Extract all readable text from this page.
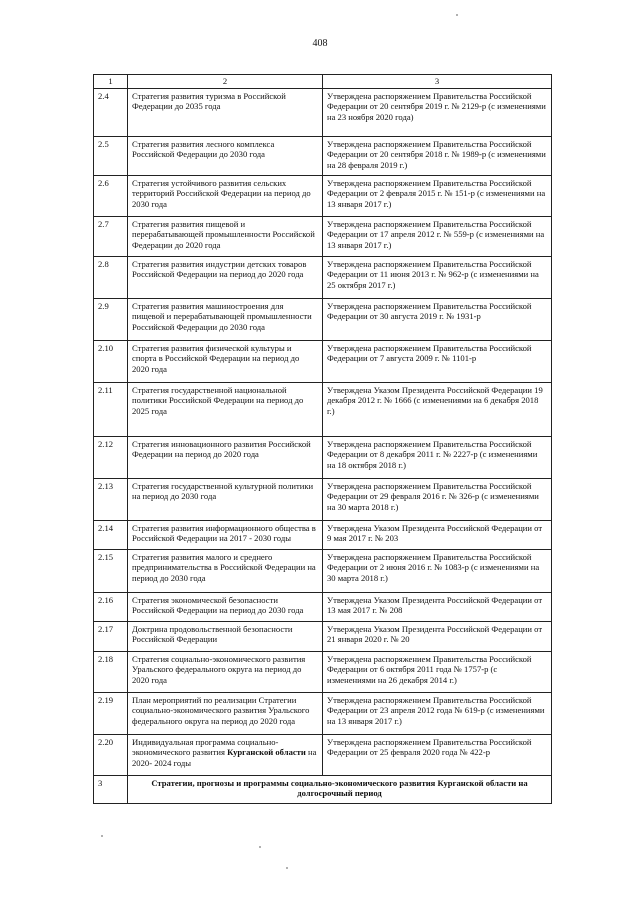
408
1	2	3
2.4	Стратегия развития туризма в Российской Федерации до 2035 года	Утверждена распоряжением Правительства Российской Федерации от 20 сентября 2019 г. № 2129-р (с изменениями на 23 ноября 2020 года)
2.5	Стратегия развития лесного комплекса Российской Федерации до 2030 года	Утверждена распоряжением Правительства Российской Федерации от 20 сентября 2018 г. № 1989-р (с изменениями на 28 февраля 2019 г.)
2.6	Стратегия устойчивого развития сельских территорий Российской Федерации на период до 2030 года	Утверждена распоряжением Правительства Российской Федерации от 2 февраля 2015 г. № 151-р (с изменениями на 13 января 2017 г.)
2.7	Стратегия развития пищевой и перерабатывающей промышленности Российской Федерации до 2020 года	Утверждена распоряжением Правительства Российской Федерации от 17 апреля 2012 г. № 559-р (с изменениями на 13 января 2017 г.)
2.8	Стратегия развития индустрии детских товаров Российской Федерации на период до 2020 года	Утверждена распоряжением Правительства Российской Федерации от 11 июня 2013 г. № 962-р (с изменениями на 25 октября 2017 г.)
2.9	Стратегия развития машиностроения для пищевой и перерабатывающей промышленности Российской Федерации до 2030 года	Утверждена распоряжением Правительства Российской Федерации от 30 августа 2019 г. № 1931-р
2.10	Стратегия развития физической культуры и спорта в Российской Федерации на период до 2020 года	Утверждена распоряжением Правительства Российской Федерации от 7 августа 2009 г. № 1101-р
2.11	Стратегия государственной национальной политики Российской Федерации на период до 2025 года	Утверждена Указом Президента Российской Федерации 19 декабря 2012 г. № 1666 (с изменениями на 6 декабря 2018 г.)
2.12	Стратегия инновационного развития Российской Федерации на период до 2020 года	Утверждена распоряжением Правительства Российской Федерации от 8 декабря 2011 г. № 2227-р (с изменениями на 18 октября 2018 г.)
2.13	Стратегия государственной культурной политики на период до 2030 года	Утверждена распоряжением Правительства Российской Федерации от 29 февраля 2016 г. № 326-р (с изменениями на 30 марта 2018 г.)
2.14	Стратегия развития информационного общества в Российской Федерации на 2017 - 2030 годы	Утверждена Указом Президента Российской Федерации от 9 мая 2017 г. № 203
2.15	Стратегия развития малого и среднего предпринимательства в Российской Федерации на период до 2030 года	Утверждена распоряжением Правительства Российской Федерации от 2 июня 2016 г. № 1083-р (с изменениями на 30 марта 2018 г.)
2.16	Стратегия экономической безопасности Российской Федерации на период до 2030 года	Утверждена Указом Президента Российской Федерации от 13 мая 2017 г. № 208
2.17	Доктрина продовольственной безопасности Российской Федерации	Утверждена Указом Президента Российской Федерации от 21 января 2020 г. № 20
2.18	Стратегия социально-экономического развития Уральского федерального округа на период до 2020 года	Утверждена распоряжением Правительства Российской Федерации от 6 октября 2011 года № 1757-р (с изменениями на 26 декабря 2014 г.)
2.19	План мероприятий по реализации Стратегии социально-экономического развития Уральского федерального округа на период до 2020 года	Утверждена распоряжением Правительства Российской Федерации от 23 апреля 2012 года № 619-р (с изменениями на 13 января 2017 г.)
2.20	Индивидуальная программа социально-экономического развития Курганской области на 2020- 2024 годы	Утверждена распоряжением Правительства Российской Федерации от 25 февраля 2020 года № 422-р
3	Стратегии, прогнозы и программы социально-экономического развития Курганской области на долгосрочный период	
